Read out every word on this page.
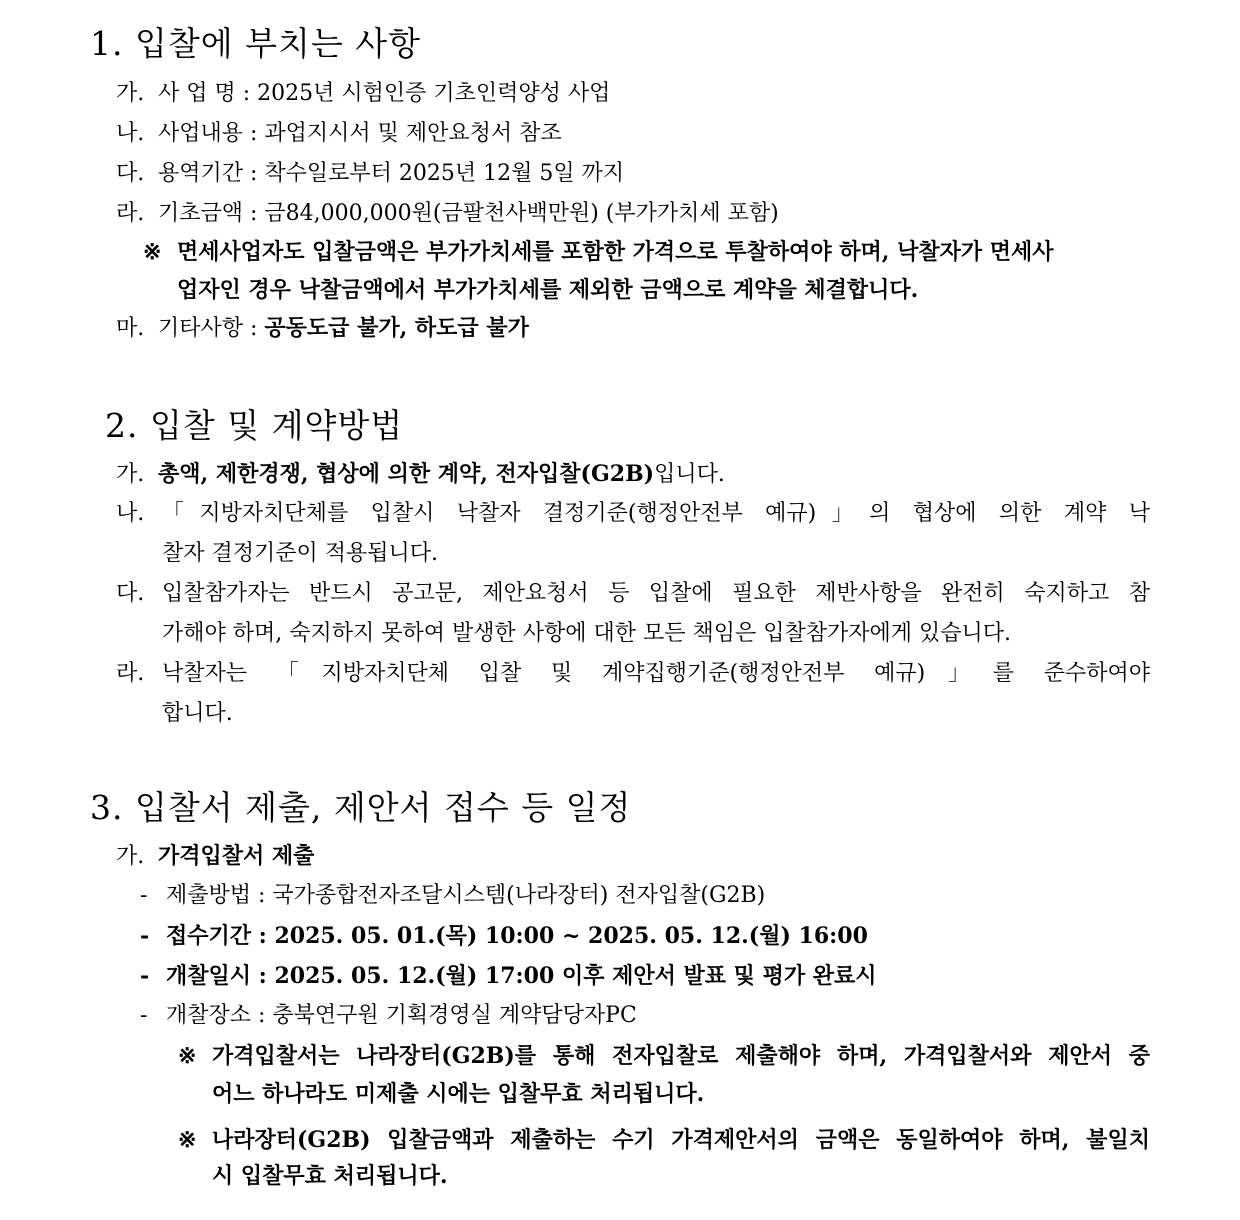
1. 입찰에 부치는 사항
가. 사 업 명 : 2025년 시험인증 기초인력양성 사업
나. 사업내용 : 과업지시서 및 제안요청서 참조
다. 용역기간 : 착수일로부터 2025년 12월 5일 까지
라. 기초금액 : 금84,000,000원(금팔천사백만원) (부가가치세 포함)
※ 면세사업자도 입찰금액은 부가가치세를 포함한 가격으로 투찰하여야 하며, 낙찰자가 면세사
업자인 경우 낙찰금액에서 부가가치세를 제외한 금액으로 계약을 체결합니다.
마. 기타사항 : 공동도급 불가, 하도급 불가
2. 입찰 및 계약방법
가. 총액, 제한경쟁, 협상에 의한 계약, 전자입찰(G2B)입니다.
나. 「지방자치단체를 입찰시 낙찰자 결정기준(행정안전부 예규)」의 협상에 의한 계약 낙
찰자 결정기준이 적용됩니다.
다. 입찰참가자는 반드시 공고문, 제안요청서 등 입찰에 필요한 제반사항을 완전히 숙지하고 참
가해야 하며, 숙지하지 못하여 발생한 사항에 대한 모든 책임은 입찰참가자에게 있습니다.
라. 낙찰자는 「지방자치단체 입찰 및 계약집행기준(행정안전부 예규)」를 준수하여야
합니다.
3. 입찰서 제출, 제안서 접수 등 일정
가. 가격입찰서 제출
- 제출방법 : 국가종합전자조달시스템(나라장터) 전자입찰(G2B)
- 접수기간 : 2025. 05. 01.(목) 10:00 ~ 2025. 05. 12.(월) 16:00
- 개찰일시 : 2025. 05. 12.(월) 17:00 이후 제안서 발표 및 평가 완료시
- 개찰장소 : 충북연구원 기획경영실 계약담당자PC
※ 가격입찰서는 나라장터(G2B)를 통해 전자입찰로 제출해야 하며, 가격입찰서와 제안서 중
어느 하나라도 미제출 시에는 입찰무효 처리됩니다.
※ 나라장터(G2B) 입찰금액과 제출하는 수기 가격제안서의 금액은 동일하여야 하며, 불일치
시 입찰무효 처리됩니다.
